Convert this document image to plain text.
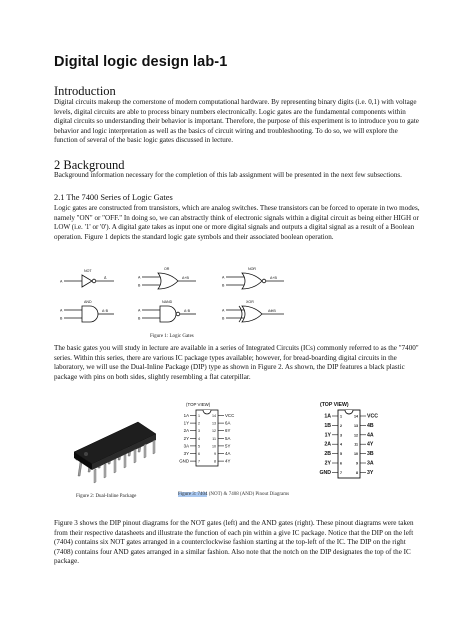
Digital logic design lab-1
Introduction

Digital circuits makeup the cornerstone of modern computational hardware. By representing binary digits (i.e. 0,1) with voltage levels, digital circuits are able to process binary numbers electronically. Logic gates are the fundamental components within digital circuits so understanding their behavior is important. Therefore, the purpose of this experiment is to introduce you to gate behavior and logic interpretation as well as the basics of circuit wiring and troubleshooting. To do so, we will explore the function of several of the basic logic gates discussed in lecture.

2 Background

Background information necessary for the completion of this lab assignment will be presented in the next few subsections.

2.1 The 7400 Series of Logic Gates

Logic gates are constructed from transistors, which are analog switches. These transistors can be forced to operate in two modes, namely "ON" or "OFF." In doing so, we can abstractly think of electronic signals within a digital circuit as being either HIGH or LOW (i.e. '1' or '0'). A digital gate takes as input one or more digital signals and outputs a digital signal as a result of a Boolean operation. Figure 1 depicts the standard logic gate symbols and their associated boolean operation.

A
NOT
Ā
A
B
AND
A·B
A
B
OR
A+B
A
B
NAND
A·B
A
B
NOR
A+B
A
B
XOR
A⊕B
Figure 1: Logic Gates

The basic gates you will study in lecture are available in a series of Integrated Circuits (ICs) commonly referred to as the "7400" series. Within this series, there are various IC package types available; however, for bread-boarding digital circuits in the laboratory, we will use the Dual-Inline Package (DIP) type as shown in Figure 2. As shown, the DIP features a black plastic package with pins on both sides, slightly resembling a flat caterpillar.

Figure 2: Dual-Inline Package
(TOP VIEW)
1A	1	14 VCC
1Y	2	13 6A
2A	3	12 6Y
2Y	4	11 5A
3A	5	10 5Y
3Y	6	9 4A
GND	7	8 4Y
(TOP VIEW)
1A	1	14 VCC
1B	2	13 4B
1Y	3	12 4A
2A	4	11 4Y
2B	5	10 3B
2Y	6	9 3A
GND	7	8 3Y
Figure 3: 7404 (NOT) & 7408 (AND) Pinout Diagrams

Figure 3 shows the DIP pinout diagrams for the NOT gates (left) and the AND gates (right). These pinout diagrams were taken from their respective datasheets and illustrate the function of each pin within a give IC package. Notice that the DIP on the left (7404) contains six NOT gates arranged in a counterclockwise fashion starting at the top-left of the IC. The DIP on the right (7408) contains four AND gates arranged in a similar fashion. Also note that the notch on the DIP designates the top of the IC package.
